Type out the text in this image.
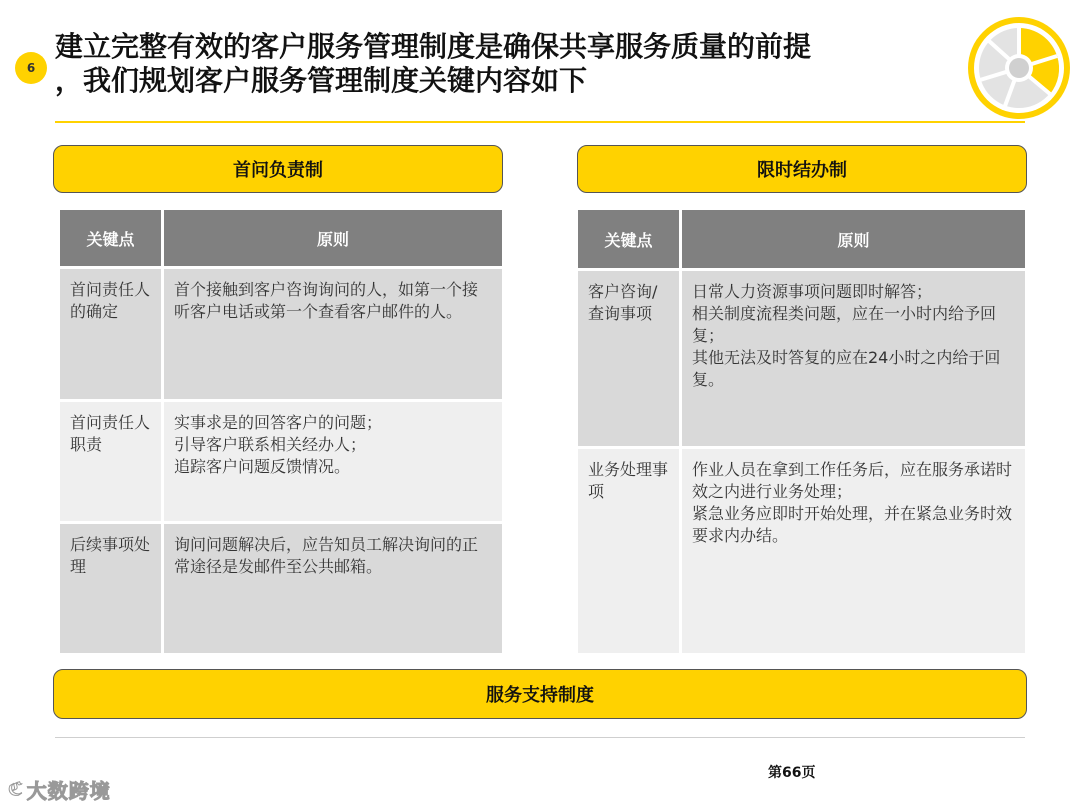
6
建立完整有效的客户服务管理制度是确保共享服务质量的前提
，我们规划客户服务管理制度关键内容如下
首问负责制
关键点	原则
首问责任人的确定
首个接触到客户咨询询问的人，如第一个接听客户电话或第一个查看客户邮件的人。
首问责任人职责
实事求是的回答客户的问题；
引导客户联系相关经办人；
追踪客户问题反馈情况。
后续事项处理
询问问题解决后，应告知员工解决询问的正常途径是发邮件至公共邮箱。
限时结办制
关键点	原则
客户咨询/查询事项
日常人力资源事项问题即时解答；
相关制度流程类问题，应在一小时内给予回复；
其他无法及时答复的应在24小时之内给于回复。
业务处理事项
作业人员在拿到工作任务后，应在服务承诺时效之内进行业务处理；
紧急业务应即时开始处理，并在紧急业务时效要求内办结。
服务支持制度
第66页
ℭ 大数跨境
